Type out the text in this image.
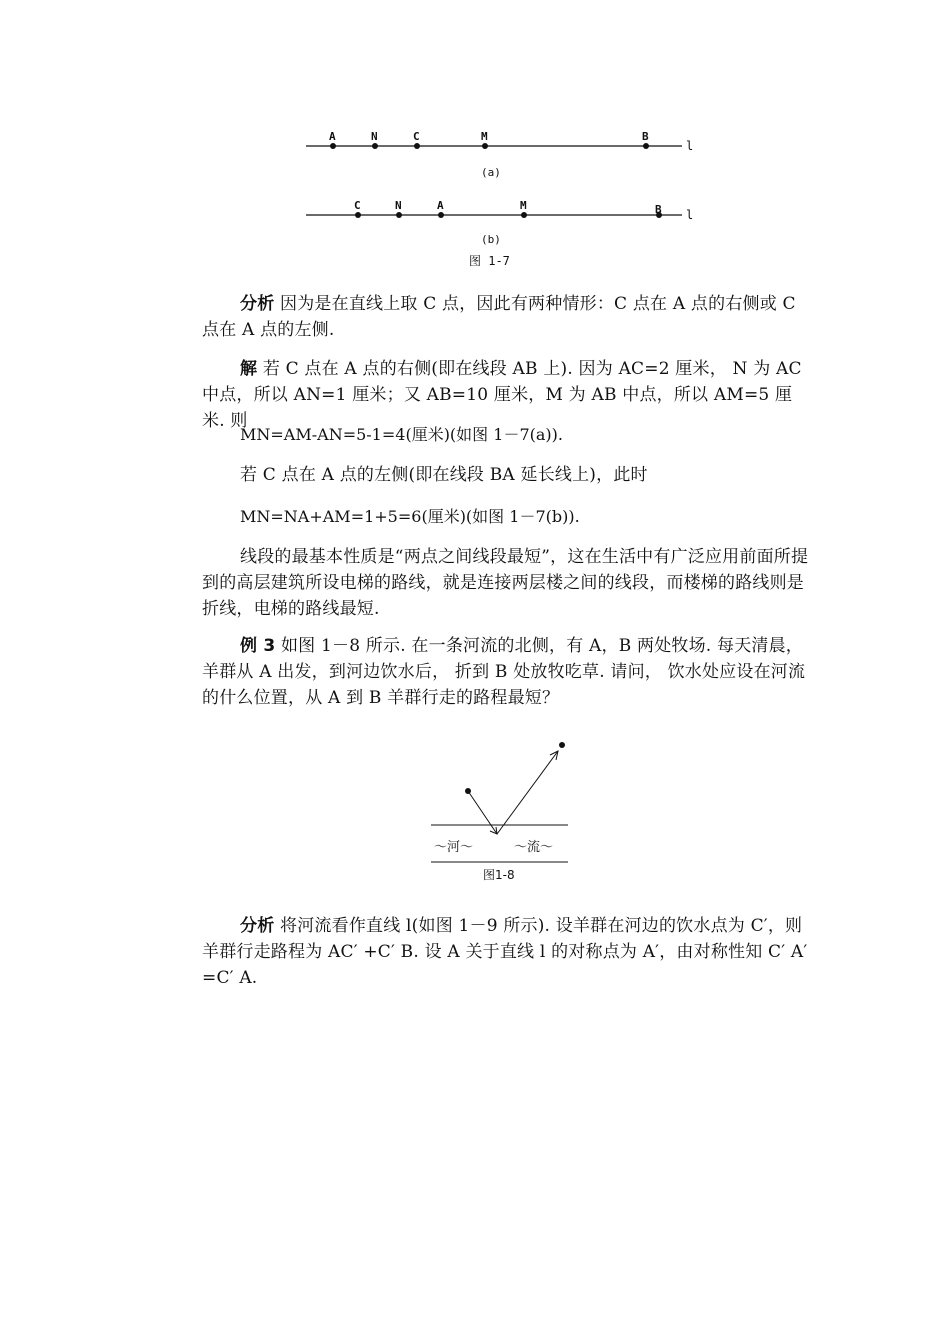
A	N	C	M	B
l
(a)
C	N	A	M	B l
(b)
图 1-7

分析 因为是在直线上取 C 点，因此有两种情形：C 点在 A 点的右侧或 C 点在 A 点的左侧.

解 若 C 点在 A 点的右侧(即在线段 AB 上). 因为 AC=2 厘米， N 为 AC 中点，所以 AN=1 厘米；又 AB=10 厘米，M 为 AB 中点，所以 AM=5 厘米. 则

MN=AM-AN=5-1=4(厘米)(如图 1－7(a)).

若 C 点在 A 点的左侧(即在线段 BA 延长线上)，此时

MN=NA+AM=1+5=6(厘米)(如图 1－7(b)).

线段的最基本性质是“两点之间线段最短”，这在生活中有广泛应用前面所提到的高层建筑所设电梯的路线，就是连接两层楼之间的线段，而楼梯的路线则是折线，电梯的路线最短.

例 3 如图 1－8 所示. 在一条河流的北侧，有 A，B 两处牧场. 每天清晨，羊群从 A 出发，到河边饮水后， 折到 B 处放牧吃草. 请问， 饮水处应设在河流的什么位置，从 A 到 B 羊群行走的路程最短？

～河～	～流～
图1-8

分析 将河流看作直线 l(如图 1－9 所示). 设羊群在河边的饮水点为 C′，则羊群行走路程为 AC′ +C′ B. 设 A 关于直线 l 的对称点为 A′，由对称性知 C′ A′ =C′ A.
